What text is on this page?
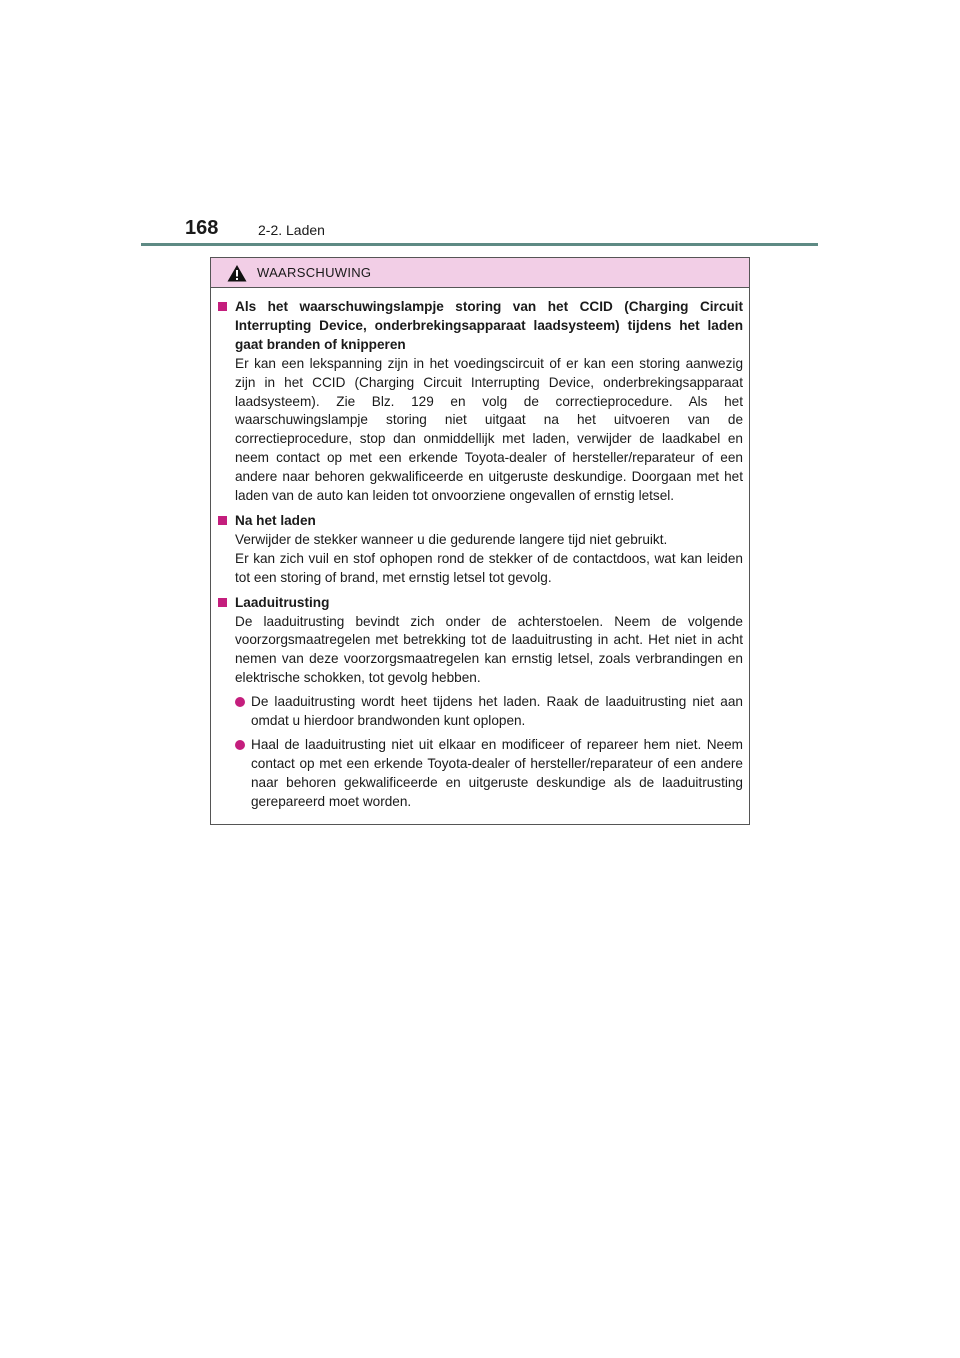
168	2-2. Laden
WAARSCHUWING
Als het waarschuwingslampje storing van het CCID (Charging Circuit Interrupting Device, onderbrekingsapparaat laadsysteem) tijdens het laden gaat branden of knipperen
Er kan een lekspanning zijn in het voedingscircuit of er kan een storing aanwezig zijn in het CCID (Charging Circuit Interrupting Device, onderbrekingsapparaat laadsysteem). Zie Blz. 129 en volg de correctieprocedure. Als het waarschuwingslampje storing niet uitgaat na het uitvoeren van de correctieprocedure, stop dan onmiddellijk met laden, verwijder de laadkabel en neem contact op met een erkende Toyota-dealer of hersteller/reparateur of een andere naar behoren gekwalificeerde en uitgeruste deskundige. Doorgaan met het laden van de auto kan leiden tot onvoorziene ongevallen of ernstig letsel.
Na het laden
Verwijder de stekker wanneer u die gedurende langere tijd niet gebruikt.
Er kan zich vuil en stof ophopen rond de stekker of de contactdoos, wat kan leiden tot een storing of brand, met ernstig letsel tot gevolg.
Laaduitrusting
De laaduitrusting bevindt zich onder de achterstoelen. Neem de volgende voorzorgsmaatregelen met betrekking tot de laaduitrusting in acht. Het niet in acht nemen van deze voorzorgsmaatregelen kan ernstig letsel, zoals verbrandingen en elektrische schokken, tot gevolg hebben.
De laaduitrusting wordt heet tijdens het laden. Raak de laaduitrusting niet aan omdat u hierdoor brandwonden kunt oplopen.
Haal de laaduitrusting niet uit elkaar en modificeer of repareer hem niet. Neem contact op met een erkende Toyota-dealer of hersteller/reparateur of een andere naar behoren gekwalificeerde en uitgeruste deskundige als de laaduitrusting gerepareerd moet worden.
